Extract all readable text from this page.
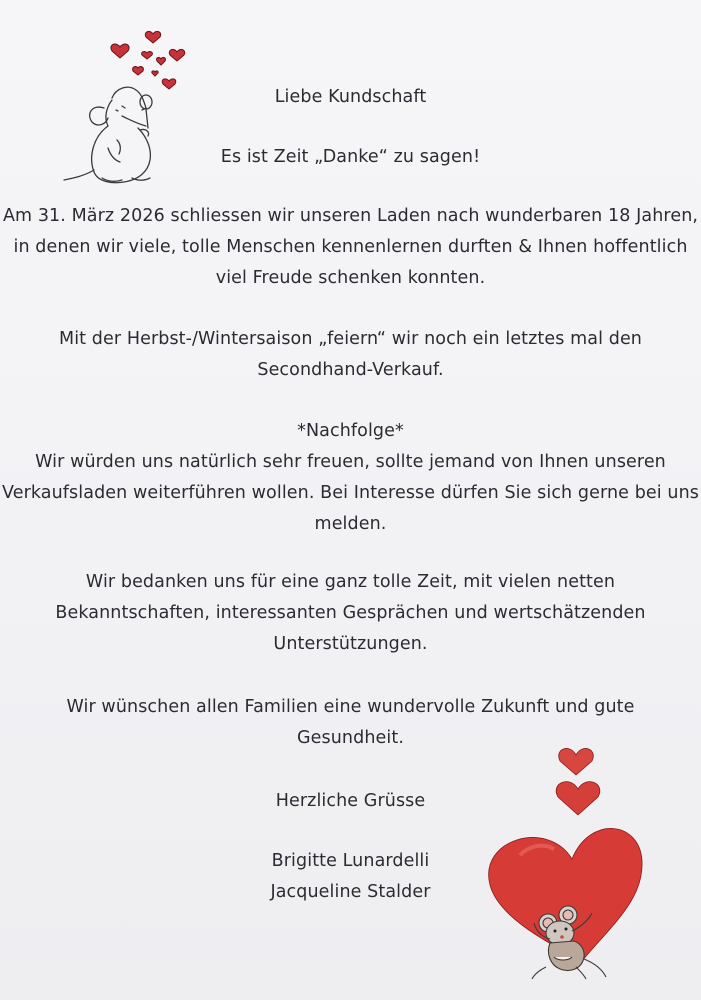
Liebe Kundschaft
Es ist Zeit „Danke“ zu sagen!
Am 31. März 2026 schliessen wir unseren Laden nach wunderbaren 18 Jahren,
in denen wir viele, tolle Menschen kennenlernen durften & Ihnen hoffentlich
viel Freude schenken konnten.
Mit der Herbst-/Wintersaison „feiern“ wir noch ein letztes mal den
Secondhand-Verkauf.
*Nachfolge*
Wir würden uns natürlich sehr freuen, sollte jemand von Ihnen unseren
Verkaufsladen weiterführen wollen. Bei Interesse dürfen Sie sich gerne bei uns
melden.
Wir bedanken uns für eine ganz tolle Zeit, mit vielen netten
Bekanntschaften, interessanten Gesprächen und wertschätzenden
Unterstützungen.
Wir wünschen allen Familien eine wundervolle Zukunft und gute
Gesundheit.
Herzliche Grüsse
Brigitte Lunardelli
Jacqueline Stalder
